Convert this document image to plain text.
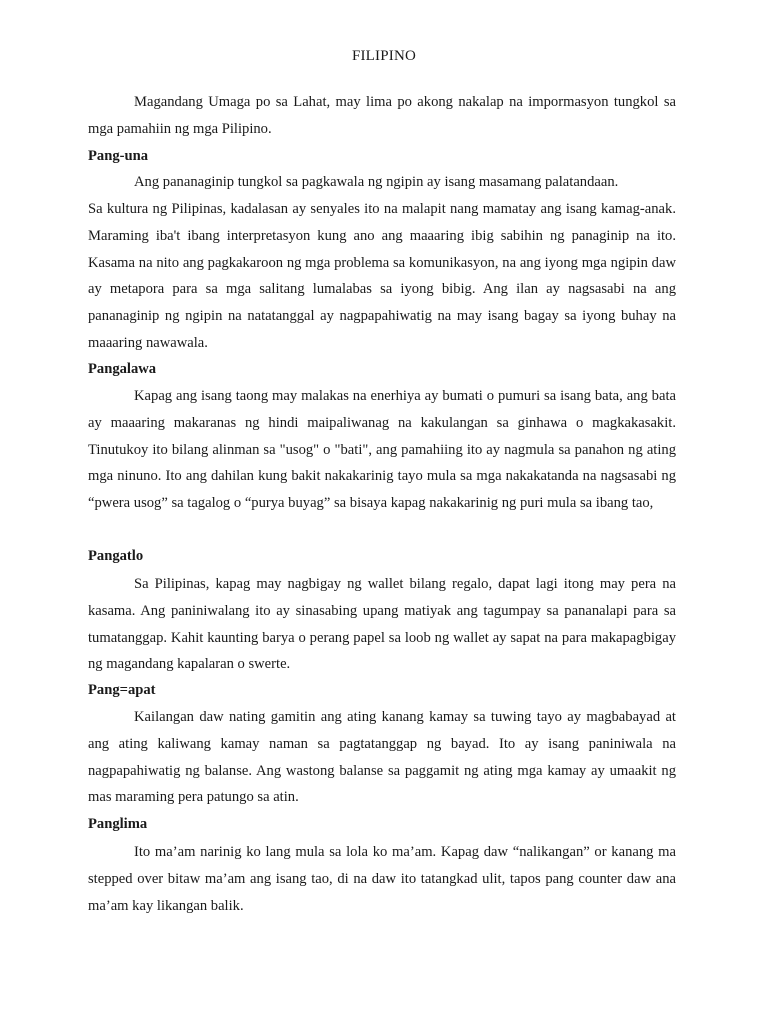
FILIPINO
Magandang Umaga po sa Lahat, may lima po akong nakalap na impormasyon tungkol sa mga pamahiin ng mga Pilipino.
Pang-una
Ang pananaginip tungkol sa pagkawala ng ngipin ay isang masamang palatandaan.
Sa kultura ng Pilipinas, kadalasan ay senyales ito na malapit nang mamatay ang isang kamag-anak. Maraming iba't ibang interpretasyon kung ano ang maaaring ibig sabihin ng panaginip na ito. Kasama na nito ang pagkakaroon ng mga problema sa komunikasyon, na ang iyong mga ngipin daw ay metapora para sa mga salitang lumalabas sa iyong bibig. Ang ilan ay nagsasabi na ang pananaginip ng ngipin na natatanggal ay nagpapahiwatig na may isang bagay sa iyong buhay na maaaring nawawala.
Pangalawa
Kapag ang isang taong may malakas na enerhiya ay bumati o pumuri sa isang bata, ang bata ay maaaring makaranas ng hindi maipaliwanag na kakulangan sa ginhawa o magkakasakit. Tinutukoy ito bilang alinman sa "usog" o "bati", ang pamahiing ito ay nagmula sa panahon ng ating mga ninuno. Ito ang dahilan kung bakit nakakarinig tayo mula sa mga nakakatanda na nagsasabi ng “pwera usog” sa tagalog o “purya buyag” sa bisaya kapag nakakarinig ng puri mula sa ibang tao,
Pangatlo
Sa Pilipinas, kapag may nagbigay ng wallet bilang regalo, dapat lagi itong may pera na kasama. Ang paniniwalang ito ay sinasabing upang matiyak ang tagumpay sa pananalapi para sa tumatanggap. Kahit kaunting barya o perang papel sa loob ng wallet ay sapat na para makapagbigay ng magandang kapalaran o swerte.
Pang=apat
Kailangan daw nating gamitin ang ating kanang kamay sa tuwing tayo ay magbabayad at ang ating kaliwang kamay naman sa pagtatanggap ng bayad. Ito ay isang paniniwala na nagpapahiwatig ng balanse. Ang wastong balanse sa paggamit ng ating mga kamay ay umaakit ng mas maraming pera patungo sa atin.
Panglima
Ito ma’am narinig ko lang mula sa lola ko ma’am. Kapag daw “nalikangan” or kanang ma stepped over bitaw ma’am ang isang tao, di na daw ito tatangkad ulit, tapos pang counter daw ana ma’am kay likangan balik.
